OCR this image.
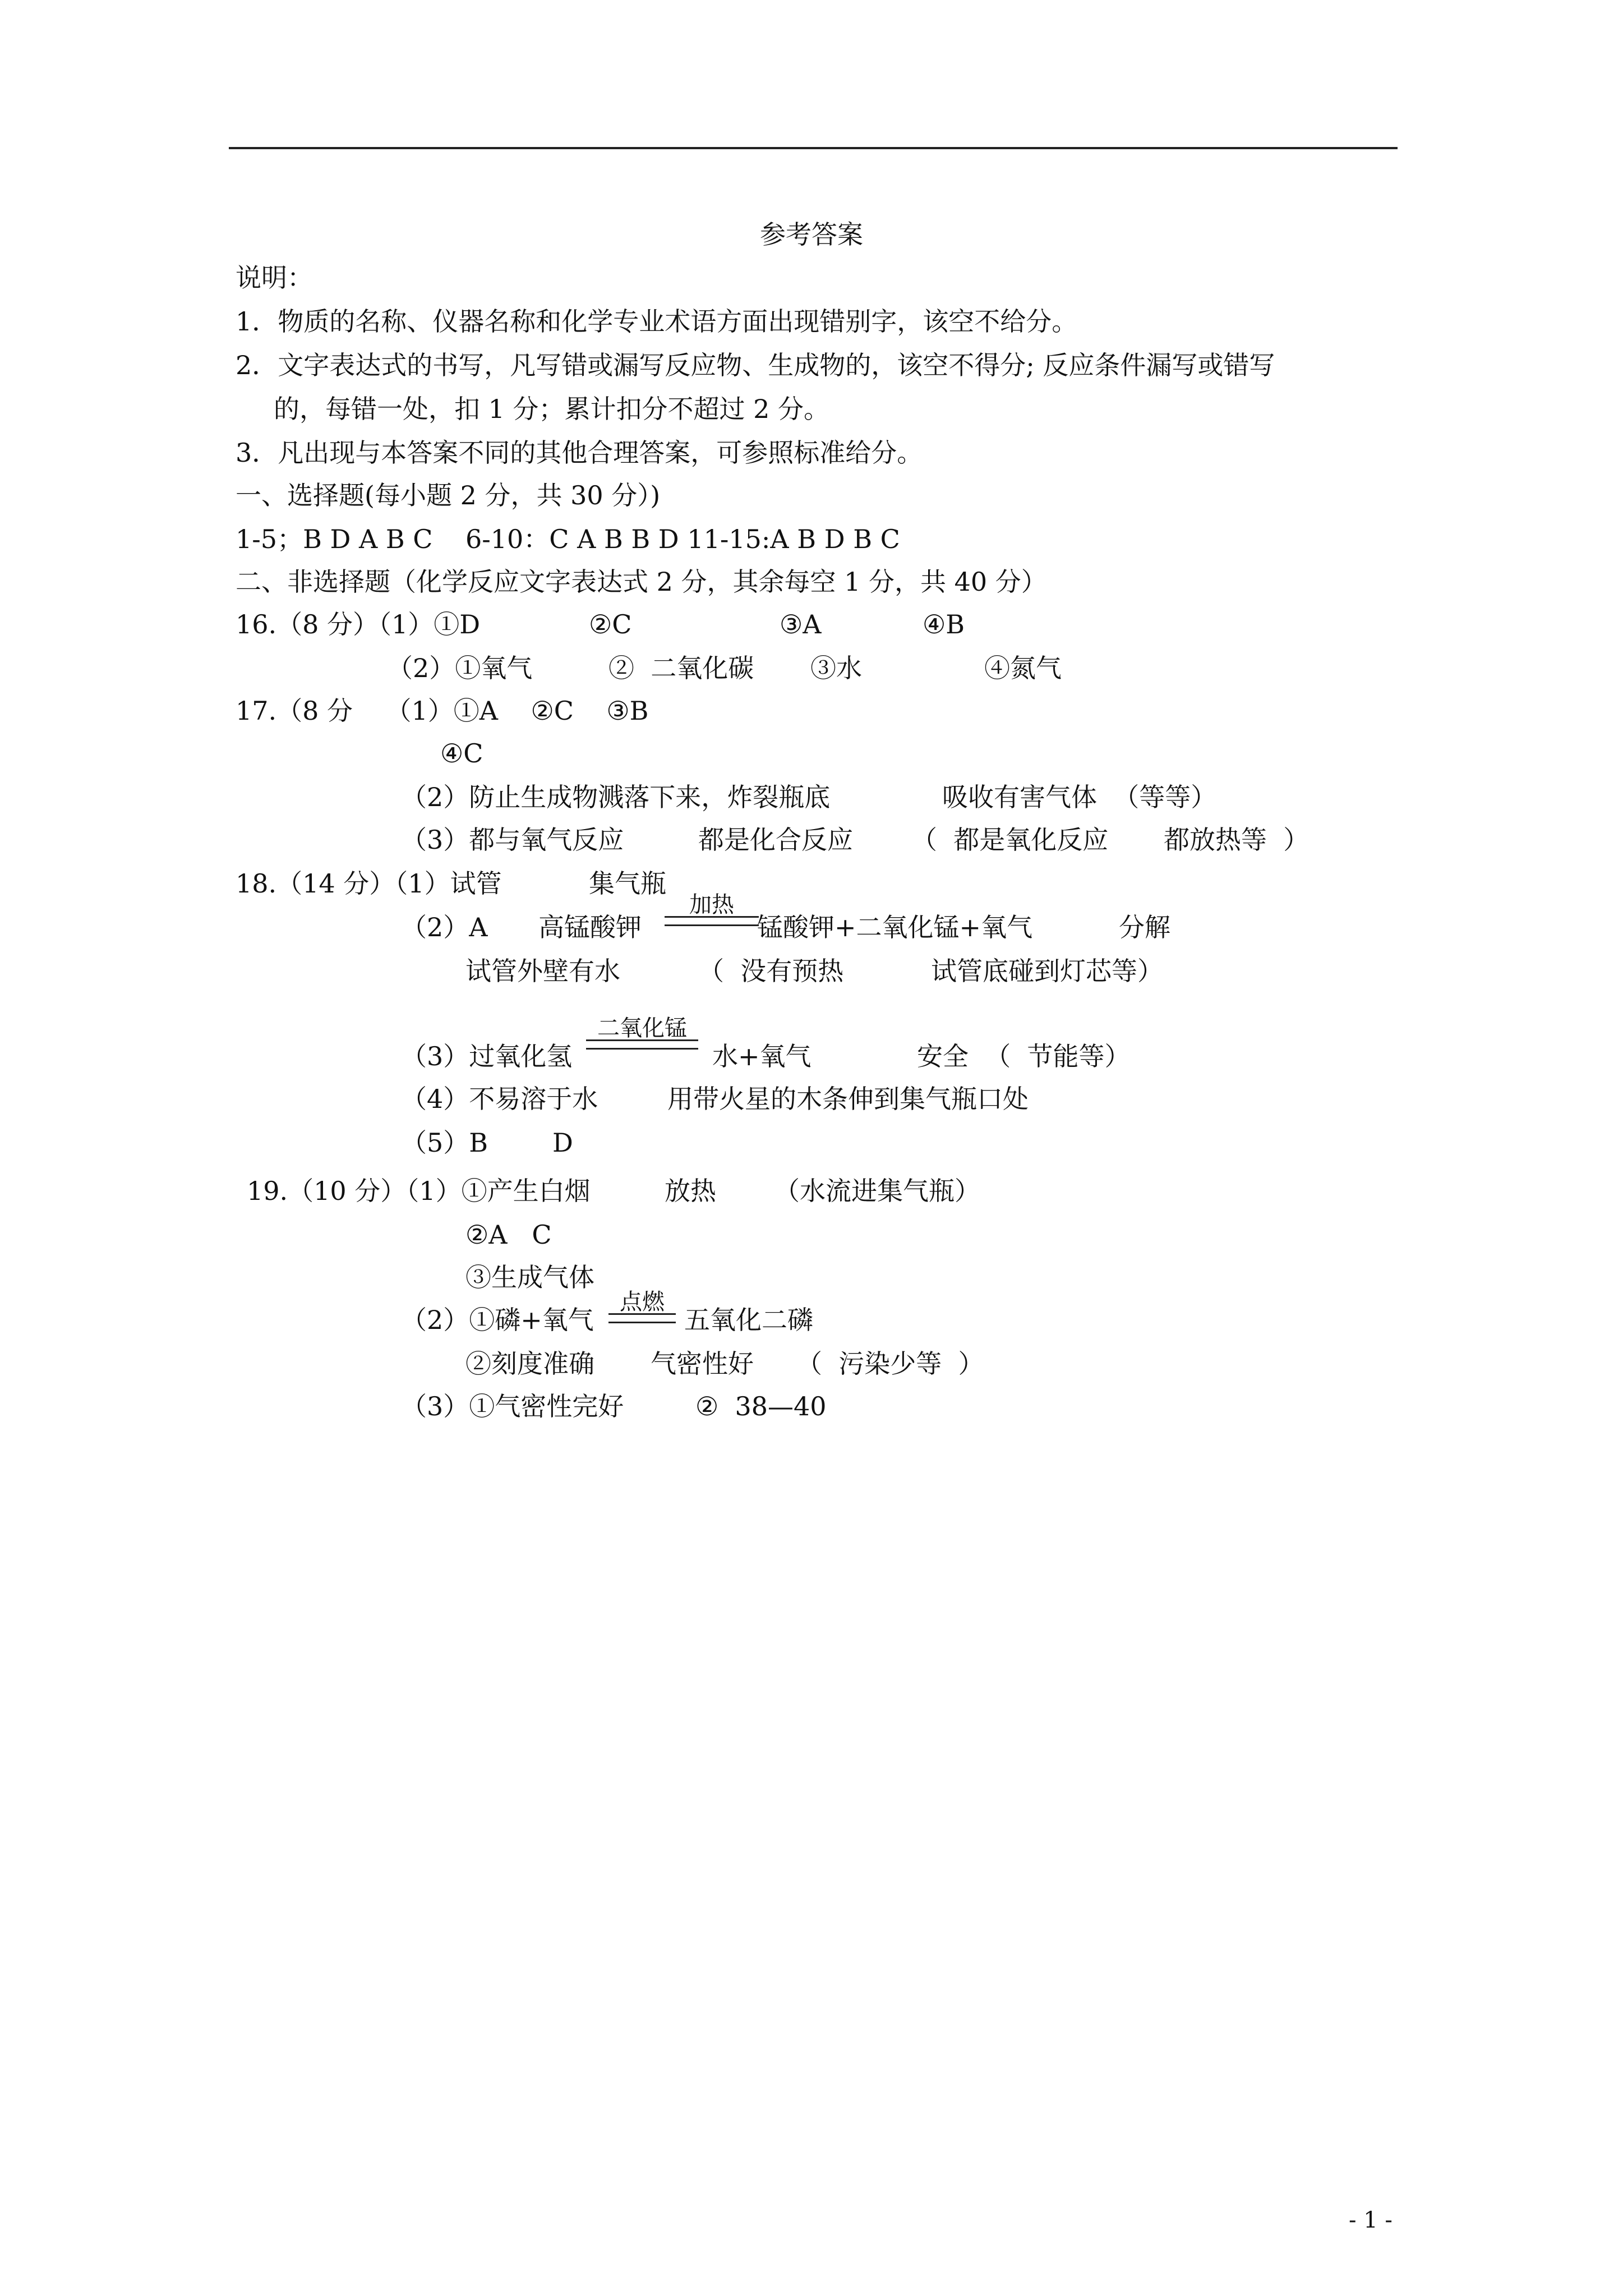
参考答案
说明：
1．物质的名称、仪器名称和化学专业术语方面出现错别字，该空不给分。
2．文字表达式的书写，凡写错或漏写反应物、生成物的，该空不得分; 反应条件漏写或错写
的，每错一处，扣 1 分；累计扣分不超过 2 分。
3．凡出现与本答案不同的其他合理答案，可参照标准给分。
一、选择题(每小题 2 分，共 30 分）)
1-5；B D A B C    6-10：C A B B D 11-15:A B D B C
二、非选择题（化学反应文字表达式 2 分，其余每空 1 分，共 40 分）
16.（8 分）（1）①D	②C	③A	④B
（2）①氧气	②  二氧化碳 ③水	④氮气
17.（8 分    （1）①A    ②C    ③B
④C
（2）防止生成物溅落下来，炸裂瓶底	吸收有害气体  （等等）
（3）都与氧气反应	都是化合反应 （  都是氧化反应 都放热等  ）
18.（14 分）（1）试管	集气瓶
（2）A 高锰酸钾
加热
锰酸钾+二氧化锰+氧气	分解
试管外壁有水	（  没有预热	试管底碰到灯芯等）
（3）过氧化氢
二氧化锰
水+氧气	安全  （  节能等）
（4）不易溶于水	用带火星的木条伸到集气瓶口处
（5）B D
19.（10 分）（1）①产生白烟	放热 （水流进集气瓶）
②A   C
③生成气体
（2）①磷+氧气
点燃
五氧化二磷
②刻度准确 气密性好 （  污染少等  ）
（3）①气密性完好	②  38—40
- 1 -
